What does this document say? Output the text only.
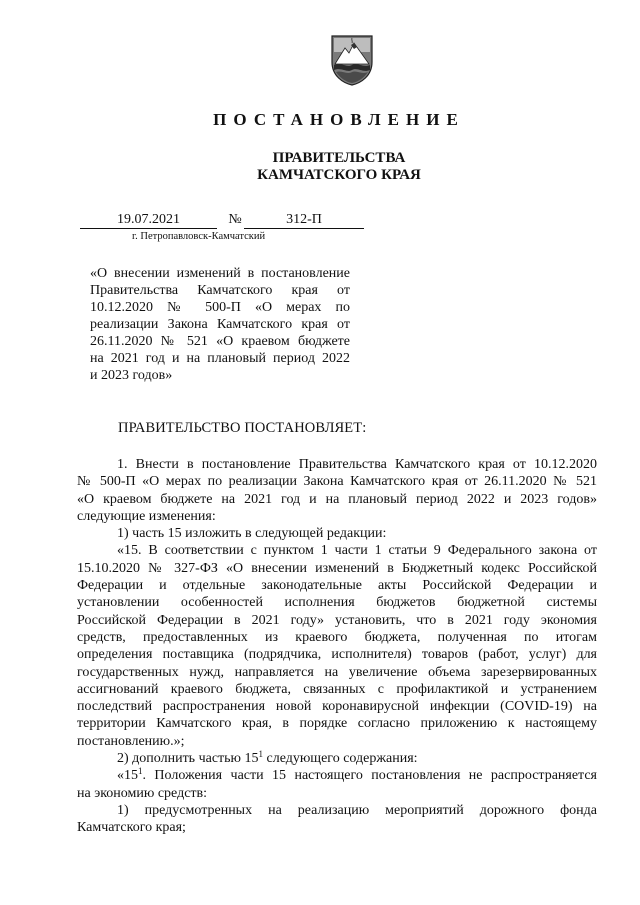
ПОСТАНОВЛЕНИЕ
ПРАВИТЕЛЬСТВА
КАМЧАТСКОГО КРАЯ
19.07.2021	№	312-П
г. Петропавловск-Камчатский
«О внесении изменений в постановление
Правительства Камчатского края от
10.12.2020 № 500-П «О мерах по
реализации Закона Камчатского края от
26.11.2020 № 521 «О краевом бюджете
на 2021 год и на плановый период 2022
и 2023 годов»
ПРАВИТЕЛЬСТВО ПОСТАНОВЛЯЕТ:
1. Внести в постановление Правительства Камчатского края от 10.12.2020
№ 500-П «О мерах по реализации Закона Камчатского края от 26.11.2020 № 521
«О краевом бюджете на 2021 год и на плановый период 2022 и 2023 годов»
следующие изменения:
1) часть 15 изложить в следующей редакции:
«15. В соответствии с пунктом 1 части 1 статьи 9 Федерального закона от
15.10.2020 № 327-ФЗ «О внесении изменений в Бюджетный кодекс Российской
Федерации и отдельные законодательные акты Российской Федерации и
установлении особенностей исполнения бюджетов бюджетной системы
Российской Федерации в 2021 году» установить, что в 2021 году экономия
средств, предоставленных из краевого бюджета, полученная по итогам
определения поставщика (подрядчика, исполнителя) товаров (работ, услуг) для
государственных нужд, направляется на увеличение объема зарезервированных
ассигнований краевого бюджета, связанных с профилактикой и устранением
последствий распространения новой коронавирусной инфекции (COVID-19) на
территории Камчатского края, в порядке согласно приложению к настоящему
постановлению.»;
2) дополнить частью $15^1$ следующего содержания:
«$15^1$. Положения части 15 настоящего постановления не распространяется
на экономию средств:
1) предусмотренных на реализацию мероприятий дорожного фонда
Камчатского края;
